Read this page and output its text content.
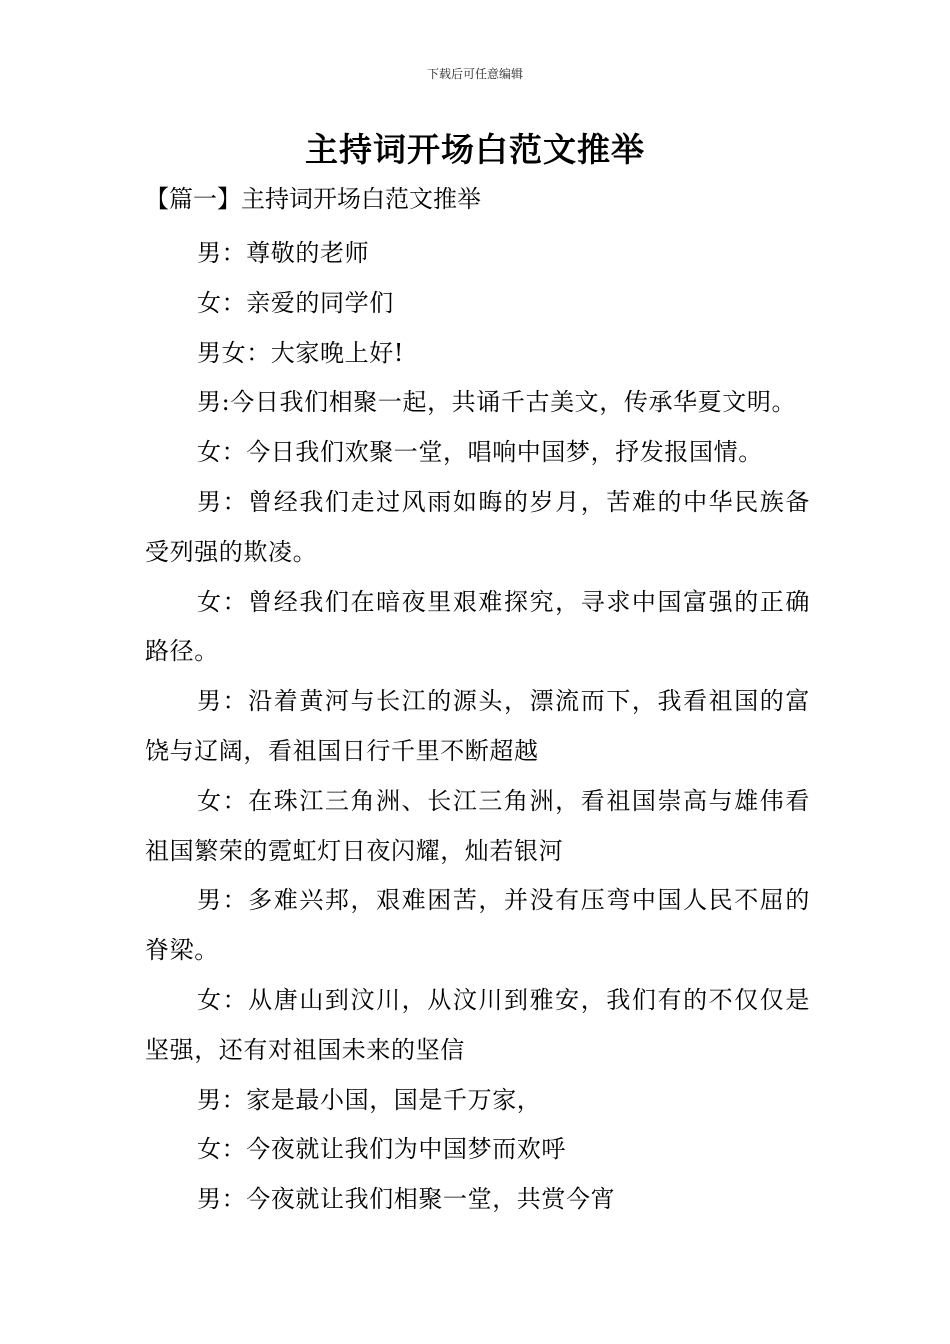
下载后可任意编辑
主持词开场白范文推举
【篇一】主持词开场白范文推举

男：尊敬的老师

女：亲爱的同学们

男女：大家晚上好!

男:今日我们相聚一起，共诵千古美文，传承华夏文明。

女：今日我们欢聚一堂，唱响中国梦，抒发报国情。

男：曾经我们走过风雨如晦的岁月，苦难的中华民族备受列强的欺凌。

女：曾经我们在暗夜里艰难探究，寻求中国富强的正确路径。

男：沿着黄河与长江的源头，漂流而下，我看祖国的富饶与辽阔，看祖国日行千里不断超越

女：在珠江三角洲、长江三角洲，看祖国崇高与雄伟看祖国繁荣的霓虹灯日夜闪耀，灿若银河

男：多难兴邦，艰难困苦，并没有压弯中国人民不屈的脊梁。

女：从唐山到汶川，从汶川到雅安，我们有的不仅仅是坚强，还有对祖国未来的坚信

男：家是最小国，国是千万家，

女：今夜就让我们为中国梦而欢呼

男：今夜就让我们相聚一堂，共赏今宵
